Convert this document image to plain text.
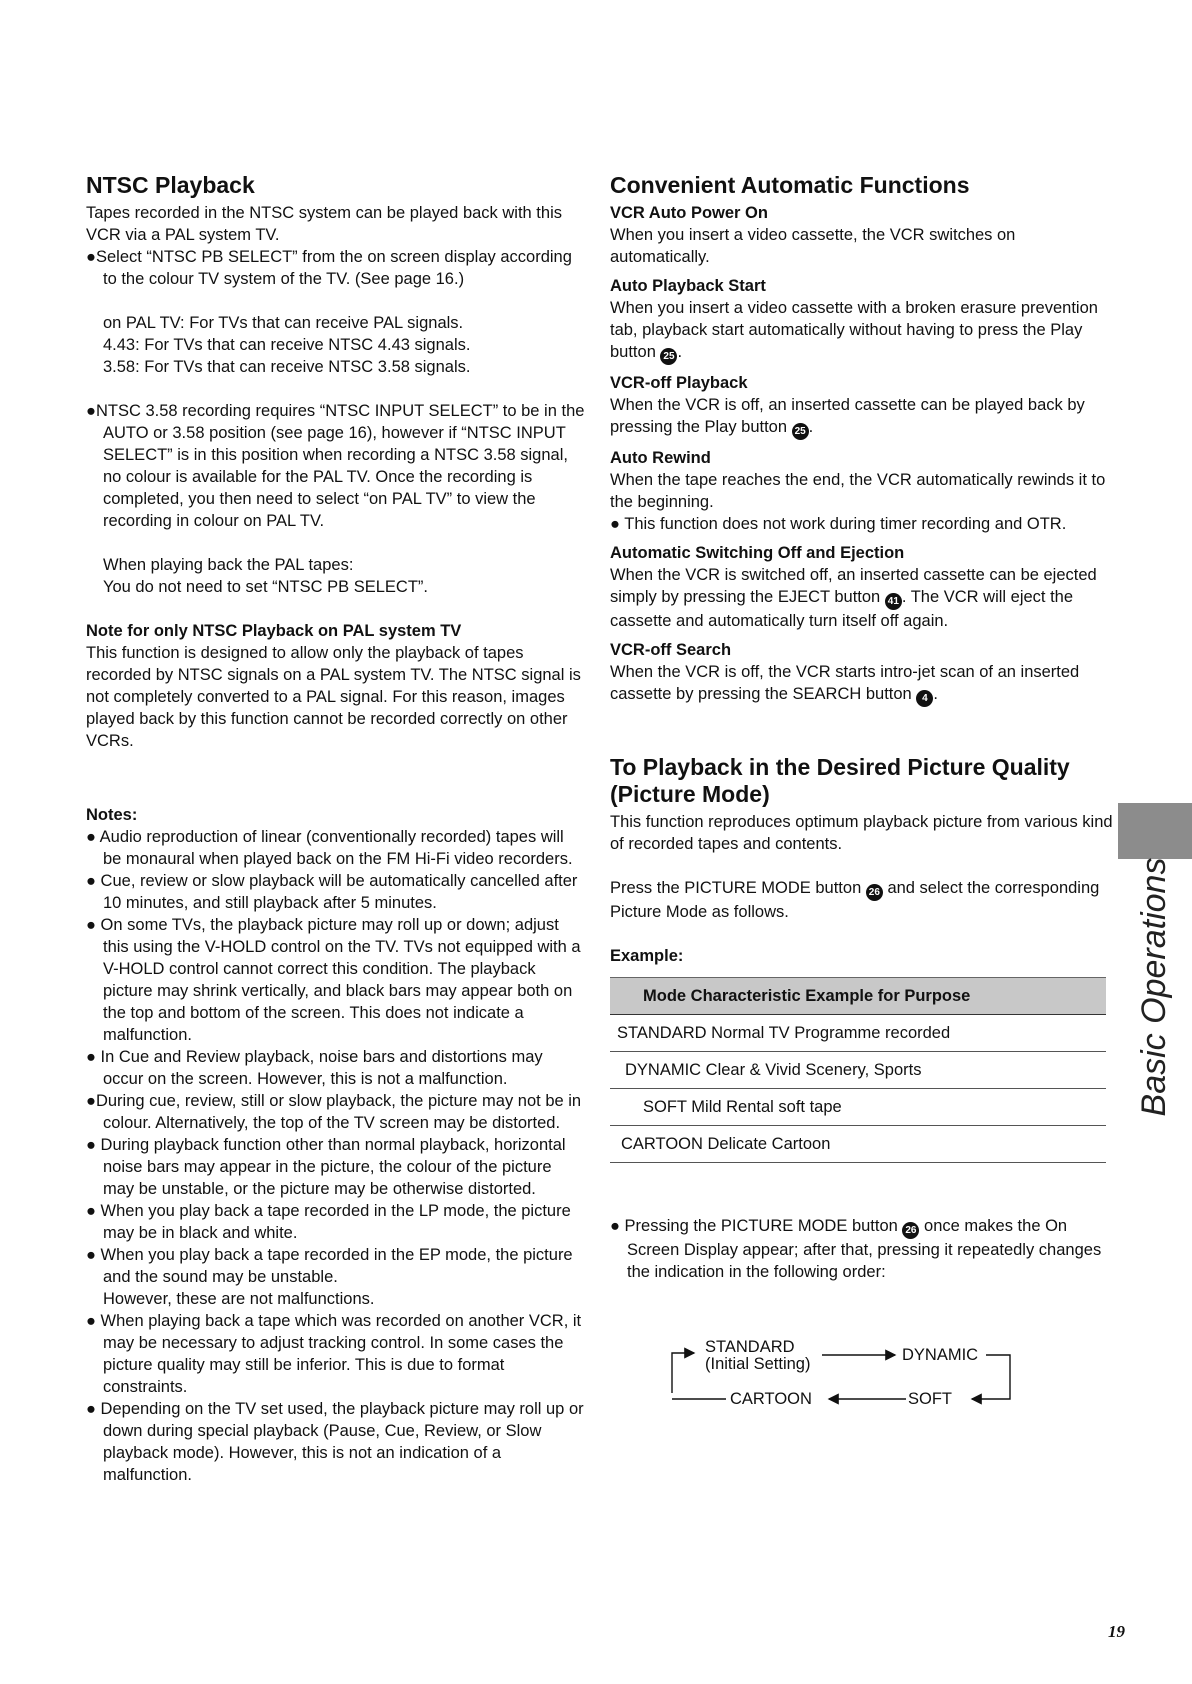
NTSC Playback

Tapes recorded in the NTSC system can be played back with this VCR via a PAL system TV.

●Select “NTSC PB SELECT” from the on screen display according to the colour TV system of the TV. (See page 16.)

on PAL TV: For TVs that can receive PAL signals.

4.43: For TVs that can receive NTSC 4.43 signals.

3.58: For TVs that can receive NTSC 3.58 signals.

●NTSC 3.58 recording requires “NTSC INPUT SELECT” to be in the AUTO or 3.58 position (see page 16), however if “NTSC INPUT SELECT” is in this position when recording a NTSC 3.58 signal, no colour is available for the PAL TV. Once the recording is completed, you then need to select “on PAL TV” to view the recording in colour on PAL TV.

When playing back the PAL tapes:

You do not need to set “NTSC PB SELECT”.

Note for only NTSC Playback on PAL system TV

This function is designed to allow only the playback of tapes recorded by NTSC signals on a PAL system TV. The NTSC signal is not completely converted to a PAL signal. For this reason, images played back by this function cannot be recorded correctly on other VCRs.

Notes:

● Audio reproduction of linear (conventionally recorded) tapes will be monaural when played back on the FM Hi-Fi video recorders.

● Cue, review or slow playback will be automatically cancelled after 10 minutes, and still playback after 5 minutes.

● On some TVs, the playback picture may roll up or down; adjust this using the V-HOLD control on the TV. TVs not equipped with a V-HOLD control cannot correct this condition. The playback picture may shrink vertically, and black bars may appear both on the top and bottom of the screen. This does not indicate a malfunction.

● In Cue and Review playback, noise bars and distortions may occur on the screen. However, this is not a malfunction.

●During cue, review, still or slow playback, the picture may not be in colour. Alternatively, the top of the TV screen may be distorted.

● During playback function other than normal playback, horizontal noise bars may appear in the picture, the colour of the picture may be unstable, or the picture may be otherwise distorted.

● When you play back a tape recorded in the LP mode, the picture may be in black and white.

● When you play back a tape recorded in the EP mode, the picture and the sound may be unstable.

However, these are not malfunctions.

● When playing back a tape which was recorded on another VCR, it may be necessary to adjust tracking control. In some cases the picture quality may still be inferior. This is due to format constraints.

● Depending on the TV set used, the playback picture may roll up or down during special playback (Pause, Cue, Review, or Slow playback mode). However, this is not an indication of a malfunction.

Convenient Automatic Functions
VCR Auto Power On

When you insert a video cassette, the VCR switches on automatically.

Auto Playback Start

When you insert a video cassette with a broken erasure prevention tab, playback start automatically without having to press the Play button 25 .

VCR-off Playback

When the VCR is off, an inserted cassette can be played back by pressing the Play button 25 .

Auto Rewind

When the tape reaches the end, the VCR automatically rewinds it to the beginning.

● This function does not work during timer recording and OTR.

Automatic Switching Off and Ejection

When the VCR is switched off, an inserted cassette can be ejected simply by pressing the EJECT button 41 . The VCR will eject the cassette and automatically turn itself off again.

VCR-off Search

When the VCR is off, the VCR starts intro-jet scan of an inserted cassette by pressing the SEARCH button 4 .

To Playback in the Desired Picture Quality (Picture Mode)

This function reproduces optimum playback picture from various kind of recorded tapes and contents.

Press the PICTURE MODE button 26 and select the corresponding Picture Mode as follows.

Example:
Mode Characteristic Example for Purpose
STANDARD Normal TV Programme recorded
DYNAMIC Clear & Vivid Scenery, Sports
SOFT Mild Rental soft tape
CARTOON Delicate Cartoon

● Pressing the PICTURE MODE button 26 once makes the On Screen Display appear; after that, pressing it repeatedly changes the indication in the following order:

STANDARD
(Initial Setting)	DYNAMIC
SOFT
CARTOON
Basic Operations
19
